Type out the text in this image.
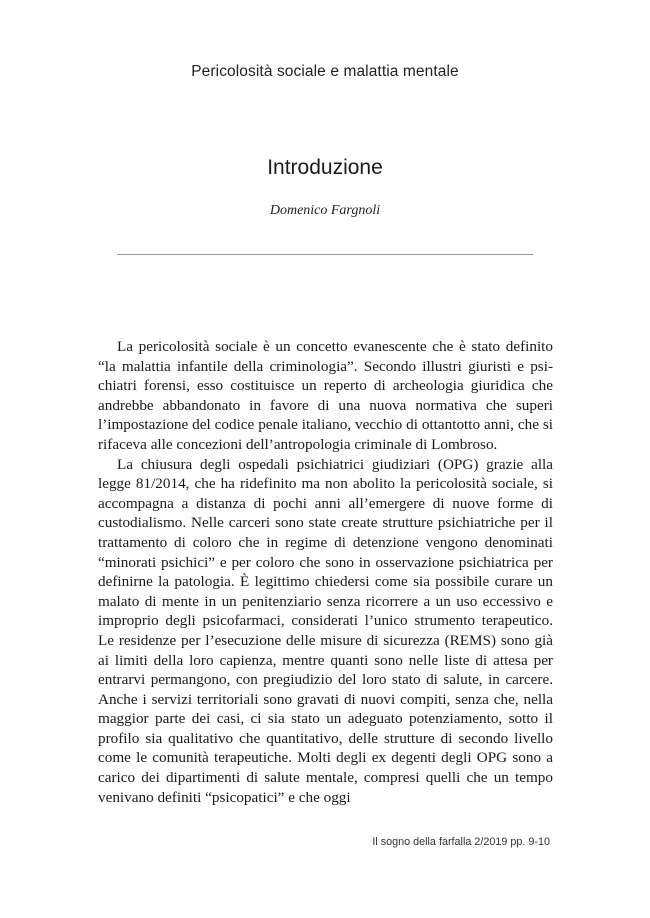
Pericolosità sociale e malattia mentale
Introduzione
Domenico Fargnoli

La pericolosità sociale è un concetto evanescente che è stato definito “la malattia infantile della criminologia”. Secondo illustri giuristi e psichiatri forensi, esso costituisce un reperto di archeologia giuridica che andrebbe abbandonato in favore di una nuova normativa che superi l’impostazione del codice penale italiano, vecchio di ottantotto anni, che si rifaceva alle concezioni dell’antropologia criminale di Lombroso.

La chiusura degli ospedali psichiatrici giudiziari (OPG) grazie alla legge 81/2014, che ha ridefinito ma non abolito la pericolosità sociale, si accompagna a distanza di pochi anni all’emergere di nuove forme di custodialismo. Nelle carceri sono state create strutture psichiatriche per il trattamento di coloro che in regime di detenzione vengono denominati “minorati psichici” e per coloro che sono in osservazione psichiatrica per definirne la patologia. È legittimo chiedersi come sia possibile curare un malato di mente in un penitenziario senza ricorrere a un uso eccessivo e improprio degli psicofarmaci, considerati l’unico strumento terapeutico. Le residenze per l’esecuzione delle misure di sicurezza (REMS) sono già ai limiti della loro capienza, mentre quanti sono nelle liste di attesa per entrarvi permangono, con pregiudizio del loro stato di salute, in carcere. Anche i servizi territoriali sono gravati di nuovi compiti, senza che, nella maggior parte dei casi, ci sia stato un adeguato potenziamento, sotto il profilo sia qualitativo che quantitativo, delle strutture di secondo livello come le comunità terapeutiche. Molti degli ex degenti degli OPG sono a carico dei dipartimenti di salute mentale, compresi quelli che un tempo venivano definiti “psicopatici” e che oggi

Il sogno della farfalla 2/2019 pp. 9-10
